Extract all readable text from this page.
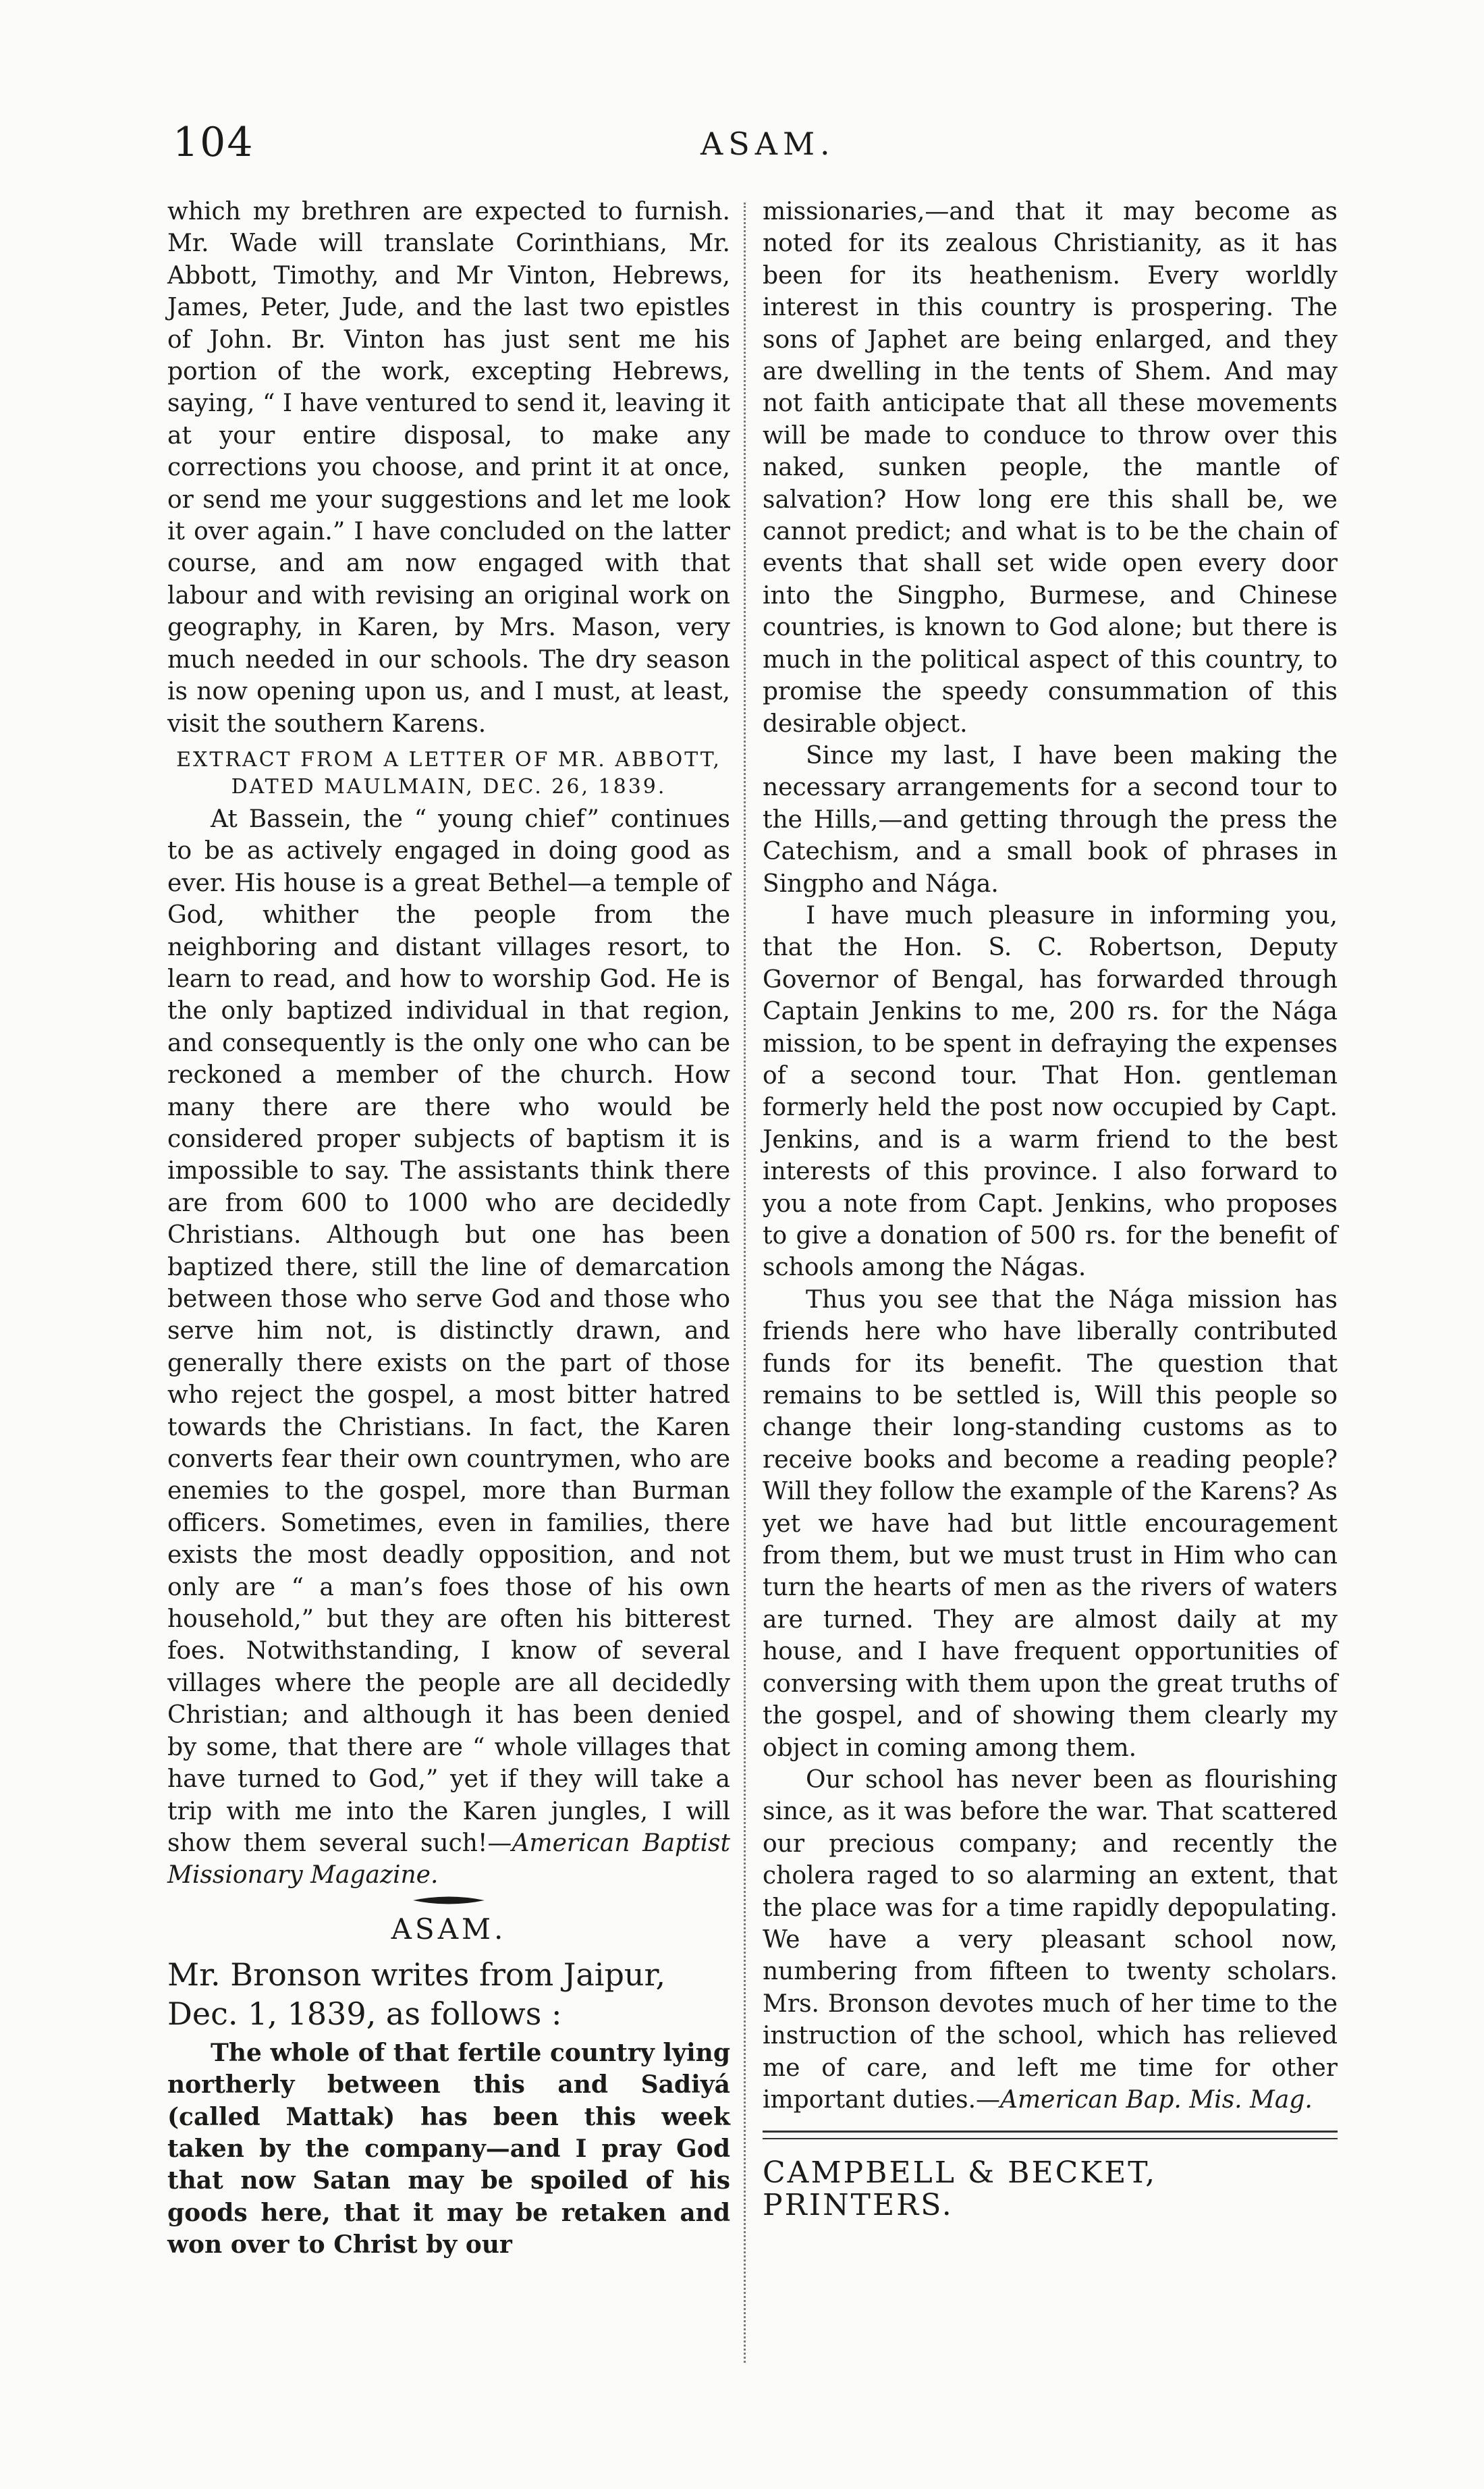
104	ASAM.

which my brethren are expected to furnish. Mr. Wade will translate Corinthians, Mr. Abbott, Timothy, and Mr Vinton, Hebrews, James, Peter, Jude, and the last two epistles of John. Br. Vinton has just sent me his portion of the work, excepting Hebrews, saying, “ I have ventured to send it, leaving it at your entire disposal, to make any corrections you choose, and print it at once, or send me your suggestions and let me look it over again.” I have concluded on the latter course, and am now engaged with that labour and with revising an original work on geography, in Karen, by Mrs. Mason, very much needed in our schools. The dry season is now opening upon us, and I must, at least, visit the southern Karens.

EXTRACT FROM A LETTER OF MR. ABBOTT, DATED MAULMAIN, DEC. 26, 1839.

At Bassein, the “ young chief” continues to be as actively engaged in doing good as ever. His house is a great Bethel—a temple of God, whither the people from the neighboring and distant villages resort, to learn to read, and how to worship God. He is the only baptized individual in that region, and consequently is the only one who can be reckoned a member of the church. How many there are there who would be considered proper subjects of baptism it is impossible to say. The assistants think there are from 600 to 1000 who are decidedly Christians. Although but one has been baptized there, still the line of demarcation between those who serve God and those who serve him not, is distinctly drawn, and generally there exists on the part of those who reject the gospel, a most bitter hatred towards the Christians. In fact, the Karen converts fear their own countrymen, who are enemies to the gospel, more than Burman officers. Sometimes, even in families, there exists the most deadly opposition, and not only are “ a man’s foes those of his own household,” but they are often his bitterest foes. Notwithstanding, I know of several villages where the people are all decidedly Christian; and although it has been denied by some, that there are “ whole villages that have turned to God,” yet if they will take a trip with me into the Karen jungles, I will show them several such!—American Baptist Missionary Magazine.

ASAM.

Mr. Bronson writes from Jaipur, Dec. 1, 1839, as follows :

The whole of that fertile country lying northerly between this and Sadiyá (called Mattak) has been this week taken by the company—and I pray God that now Satan may be spoiled of his goods here, that it may be retaken and won over to Christ by our

missionaries,—and that it may become as noted for its zealous Christianity, as it has been for its heathenism. Every worldly interest in this country is prospering. The sons of Japhet are being enlarged, and they are dwelling in the tents of Shem. And may not faith anticipate that all these movements will be made to conduce to throw over this naked, sunken people, the mantle of salvation? How long ere this shall be, we cannot predict; and what is to be the chain of events that shall set wide open every door into the Singpho, Burmese, and Chinese countries, is known to God alone; but there is much in the political aspect of this country, to promise the speedy consummation of this desirable object.

Since my last, I have been making the necessary arrangements for a second tour to the Hills,—and getting through the press the Catechism, and a small book of phrases in Singpho and Nága.

I have much pleasure in informing you, that the Hon. S. C. Robertson, Deputy Governor of Bengal, has forwarded through Captain Jenkins to me, 200 rs. for the Nága mission, to be spent in defraying the expenses of a second tour. That Hon. gentleman formerly held the post now occupied by Capt. Jenkins, and is a warm friend to the best interests of this province. I also forward to you a note from Capt. Jenkins, who proposes to give a donation of 500 rs. for the benefit of schools among the Nágas.

Thus you see that the Nága mission has friends here who have liberally contributed funds for its benefit. The question that remains to be settled is, Will this people so change their long-standing customs as to receive books and become a reading people? Will they follow the example of the Karens? As yet we have had but little encouragement from them, but we must trust in Him who can turn the hearts of men as the rivers of waters are turned. They are almost daily at my house, and I have frequent opportunities of conversing with them upon the great truths of the gospel, and of showing them clearly my object in coming among them.

Our school has never been as flourishing since, as it was before the war. That scattered our precious company; and recently the cholera raged to so alarming an extent, that the place was for a time rapidly depopulating. We have a very pleasant school now, numbering from fifteen to twenty scholars. Mrs. Bronson devotes much of her time to the instruction of the school, which has relieved me of care, and left me time for other important duties.—American Bap. Mis. Mag.

CAMPBELL & BECKET, PRINTERS.
